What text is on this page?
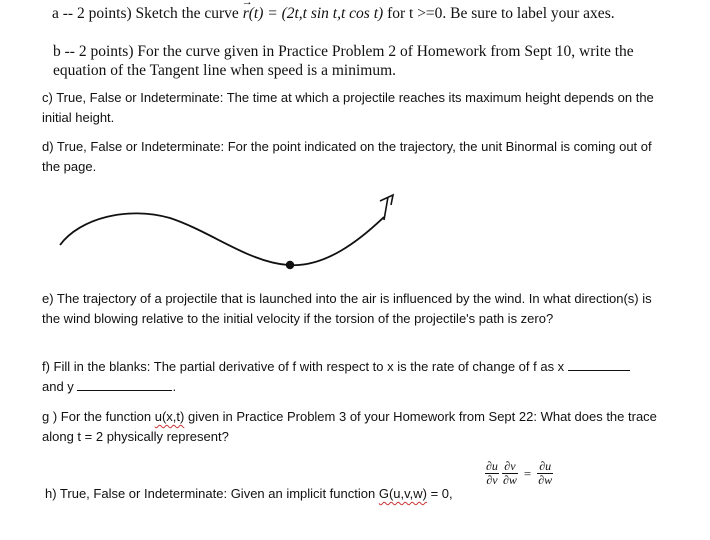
a -- 2 points) Sketch the curve → r(t) = (2t,t sin t,t cos t) for t >=0. Be sure to label your axes.
b -- 2 points) For the curve given in Practice Problem 2 of Homework from Sept 10, write the equation of the Tangent line when speed is a minimum.
c) True, False or Indeterminate: The time at which a projectile reaches its maximum height depends on the initial height.
d) True, False or Indeterminate: For the point indicated on the trajectory, the unit Binormal is coming out of the page.
e) The trajectory of a projectile that is launched into the air is influenced by the wind. In what direction(s) is the wind blowing relative to the initial velocity if the torsion of the projectile's path is zero?
f) Fill in the blanks: The partial derivative of f with respect to x is the rate of change of f as x
and y	.
g ) For the function u(x,t) given in Practice Problem 3 of your Homework from Sept 22: What does the trace along t = 2 physically represent?
$\frac{\partial u}{\partial v}$
$\frac{\partial v}{\partial w} = \frac{\partial u}{\partial w}$
h) True, False or Indeterminate: Given an implicit function G(u,v,w) = 0,
